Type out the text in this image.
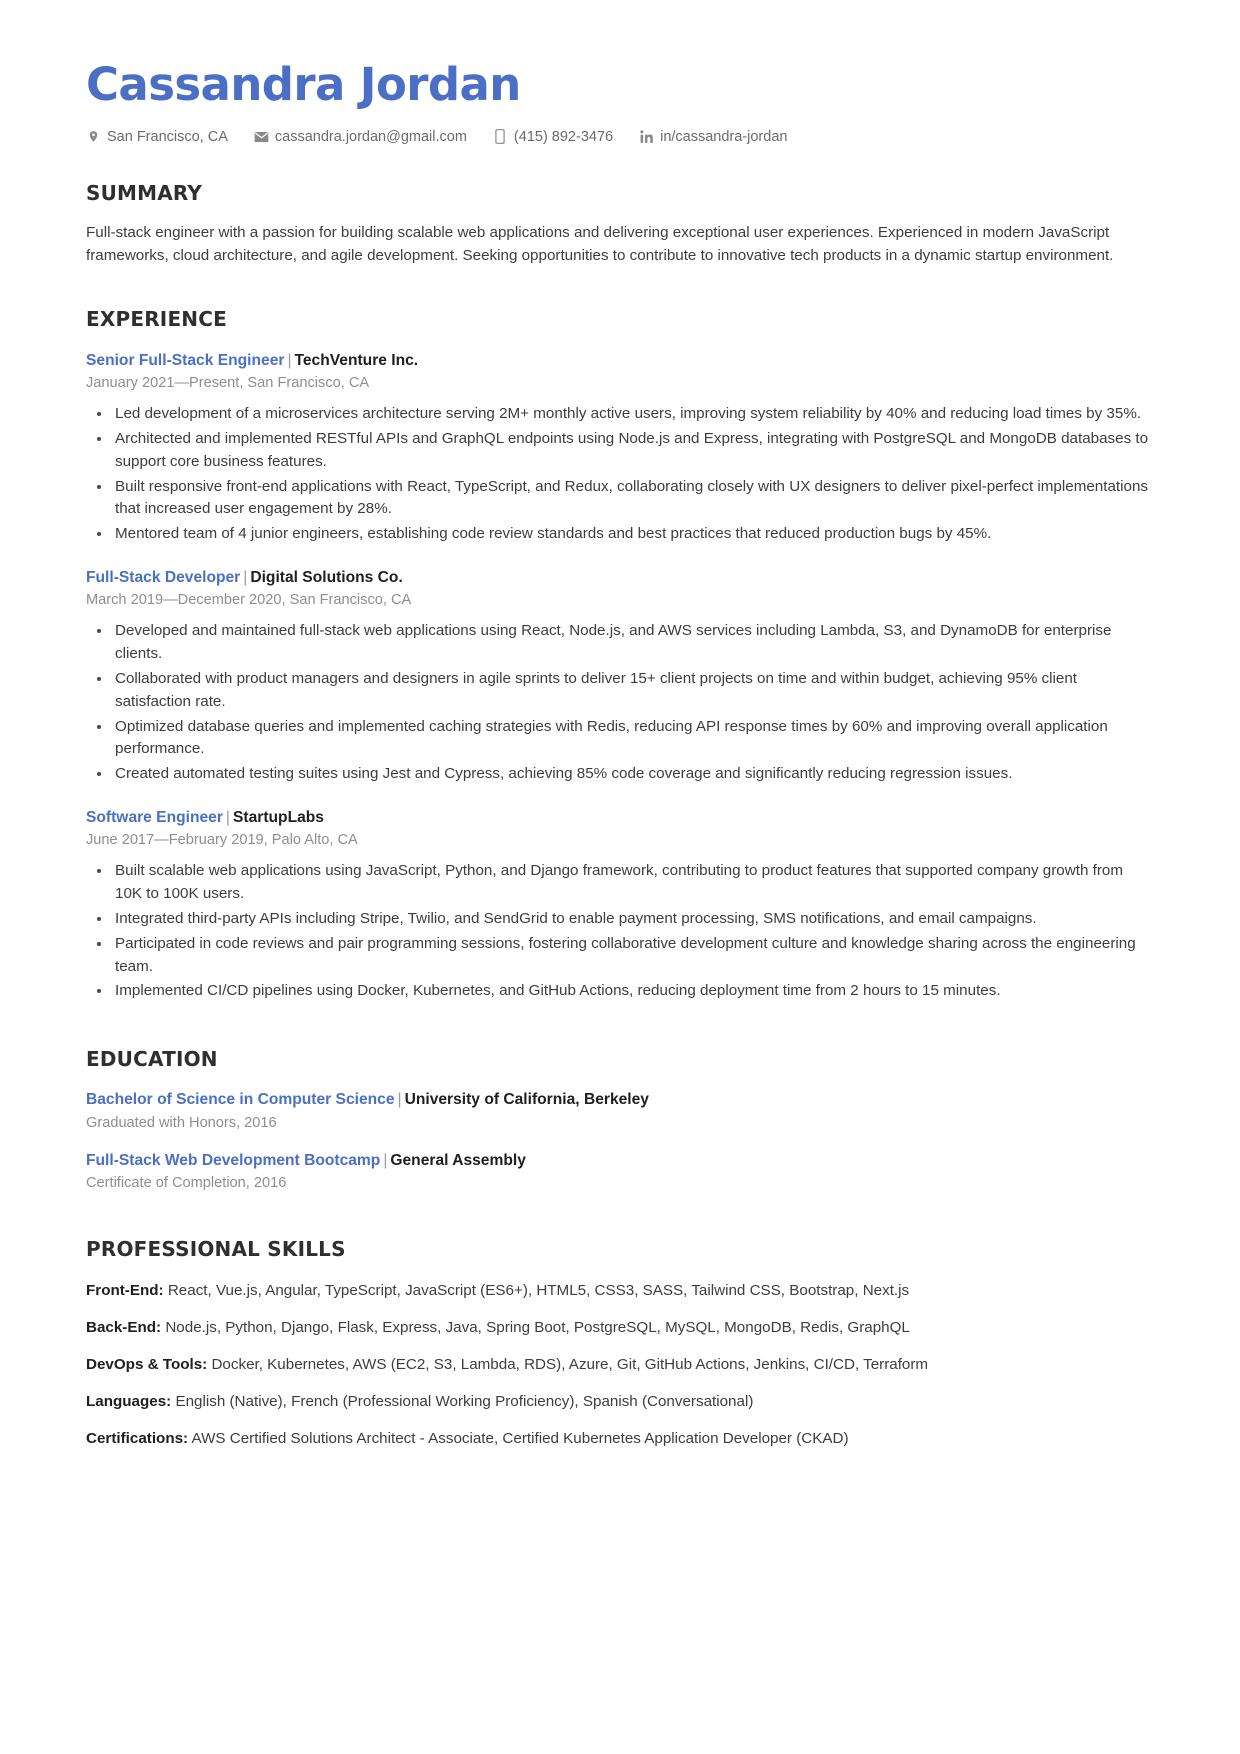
Cassandra Jordan
San Francisco, CA	cassandra.jordan@gmail.com	(415) 892-3476	in/cassandra-jordan
SUMMARY

Full-stack engineer with a passion for building scalable web applications and delivering exceptional user experiences. Experienced in modern JavaScript frameworks, cloud architecture, and agile development. Seeking opportunities to contribute to innovative tech products in a dynamic startup environment.

EXPERIENCE
Senior Full-Stack Engineer | TechVenture Inc.
January 2021—Present, San Francisco, CA
Led development of a microservices architecture serving 2M+ monthly active users, improving system reliability by 40% and reducing load times by 35%.
Architected and implemented RESTful APIs and GraphQL endpoints using Node.js and Express, integrating with PostgreSQL and MongoDB databases to support core business features.
Built responsive front-end applications with React, TypeScript, and Redux, collaborating closely with UX designers to deliver pixel-perfect implementations that increased user engagement by 28%.
Mentored team of 4 junior engineers, establishing code review standards and best practices that reduced production bugs by 45%.
Full-Stack Developer | Digital Solutions Co.
March 2019—December 2020, San Francisco, CA
Developed and maintained full-stack web applications using React, Node.js, and AWS services including Lambda, S3, and DynamoDB for enterprise clients.
Collaborated with product managers and designers in agile sprints to deliver 15+ client projects on time and within budget, achieving 95% client satisfaction rate.
Optimized database queries and implemented caching strategies with Redis, reducing API response times by 60% and improving overall application performance.
Created automated testing suites using Jest and Cypress, achieving 85% code coverage and significantly reducing regression issues.
Software Engineer | StartupLabs
June 2017—February 2019, Palo Alto, CA
Built scalable web applications using JavaScript, Python, and Django framework, contributing to product features that supported company growth from 10K to 100K users.
Integrated third-party APIs including Stripe, Twilio, and SendGrid to enable payment processing, SMS notifications, and email campaigns.
Participated in code reviews and pair programming sessions, fostering collaborative development culture and knowledge sharing across the engineering team.
Implemented CI/CD pipelines using Docker, Kubernetes, and GitHub Actions, reducing deployment time from 2 hours to 15 minutes.
EDUCATION
Bachelor of Science in Computer Science | University of California, Berkeley
Graduated with Honors, 2016
Full-Stack Web Development Bootcamp | General Assembly
Certificate of Completion, 2016
PROFESSIONAL SKILLS
Front-End: React, Vue.js, Angular, TypeScript, JavaScript (ES6+), HTML5, CSS3, SASS, Tailwind CSS, Bootstrap, Next.js
Back-End: Node.js, Python, Django, Flask, Express, Java, Spring Boot, PostgreSQL, MySQL, MongoDB, Redis, GraphQL
DevOps & Tools: Docker, Kubernetes, AWS (EC2, S3, Lambda, RDS), Azure, Git, GitHub Actions, Jenkins, CI/CD, Terraform
Languages: English (Native), French (Professional Working Proficiency), Spanish (Conversational)
Certifications: AWS Certified Solutions Architect - Associate, Certified Kubernetes Application Developer (CKAD)
